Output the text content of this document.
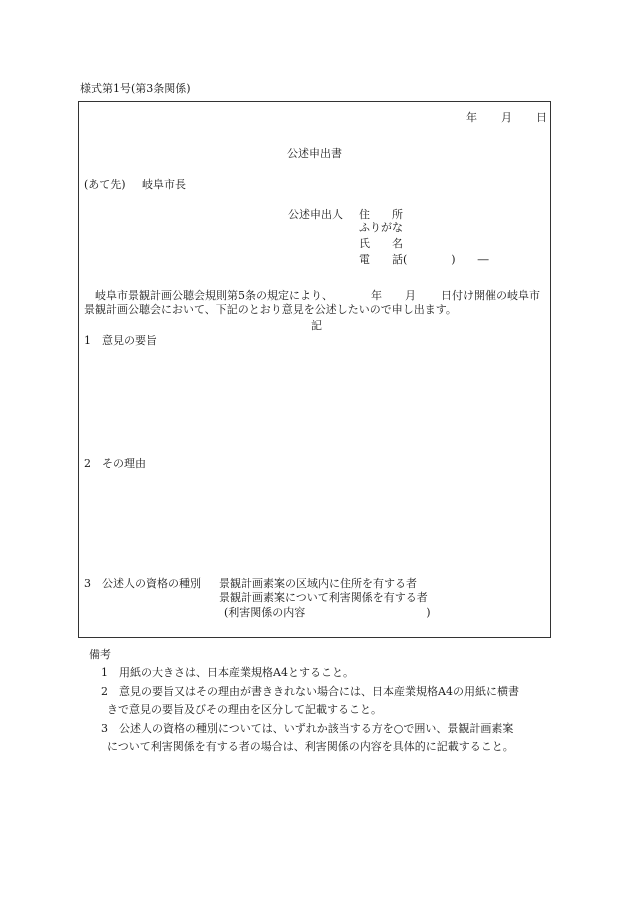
様式第1号(第3条関係)
年 月 日
公述申出書
(あて先) 岐阜市長
公述申出人 住　　所
ふりがな
氏　　名
電　　話(　　　　)　　―
岐阜市景観計画公聴会規則第5条の規定により、	年 月 日付け開催の岐阜市
景観計画公聴会において、下記のとおり意見を公述したいので申し出ます。
記
1　意見の要旨
2　その理由
3　公述人の資格の種別 景観計画素案の区域内に住所を有する者
景観計画素案について利害関係を有する者
(利害関係の内容　　　　　　　　　　　)
備考
1　用紙の大きさは、日本産業規格A4とすること。
2　意見の要旨又はその理由が書ききれない場合には、日本産業規格A4の用紙に横書
きで意見の要旨及びその理由を区分して記載すること。
3　公述人の資格の種別については、いずれか該当する方を○で囲い、景観計画素案
について利害関係を有する者の場合は、利害関係の内容を具体的に記載すること。
